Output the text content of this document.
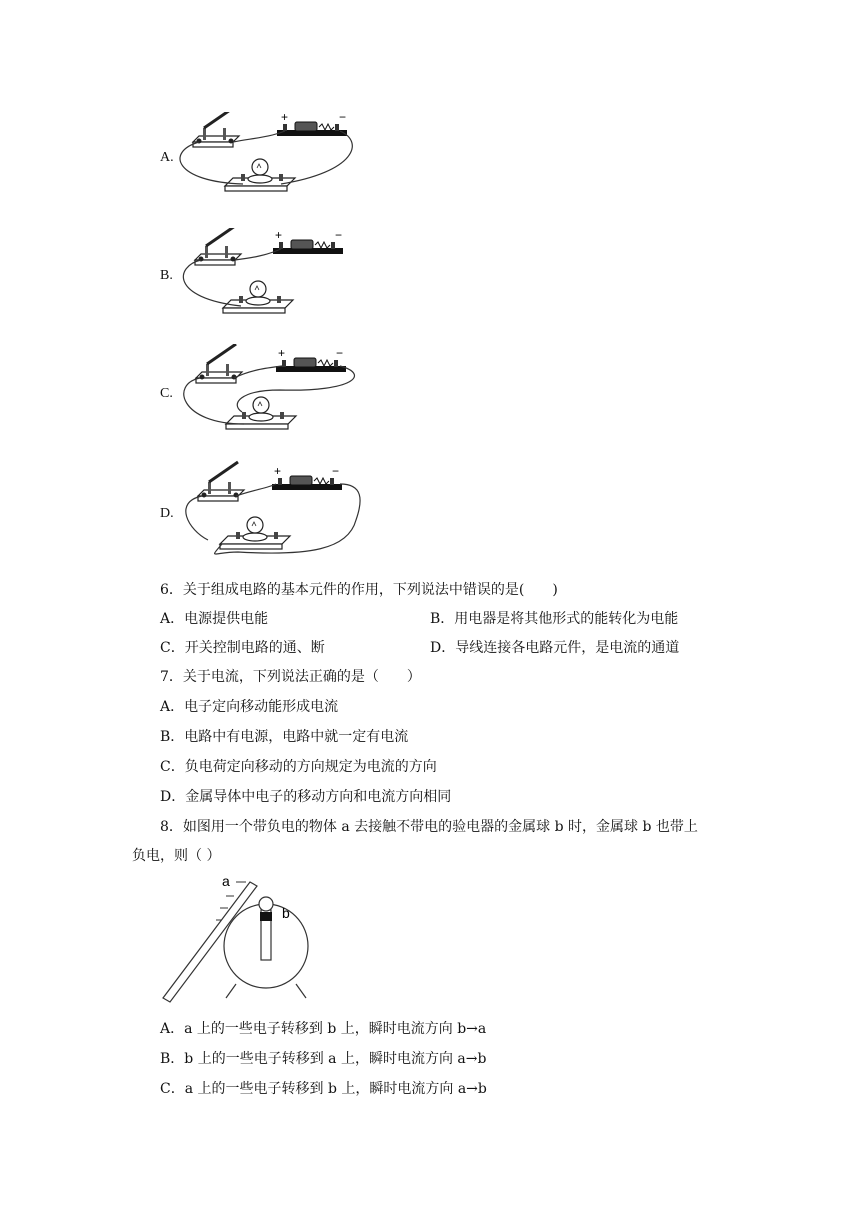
A.
+	−
B.
+	−
C.
+	−
D.
+	−
6．关于组成电路的基本元件的作用，下列说法中错误的是(　　)
A．电源提供电能	B．用电器是将其他形式的能转化为电能
C．开关控制电路的通、断	D．导线连接各电路元件，是电流的通道
7．关于电流，下列说法正确的是（　　）
A．电子定向移动能形成电流
B．电路中有电源，电路中就一定有电流
C．负电荷定向移动的方向规定为电流的方向
D．金属导体中电子的移动方向和电流方向相同
8．如图用一个带负电的物体 a 去接触不带电的验电器的金属球 b 时，金属球 b 也带上
负电，则（ ）
a
b
A．a 上的一些电子转移到 b 上，瞬时电流方向 b→a
B．b 上的一些电子转移到 a 上，瞬时电流方向 a→b
C．a 上的一些电子转移到 b 上，瞬时电流方向 a→b
